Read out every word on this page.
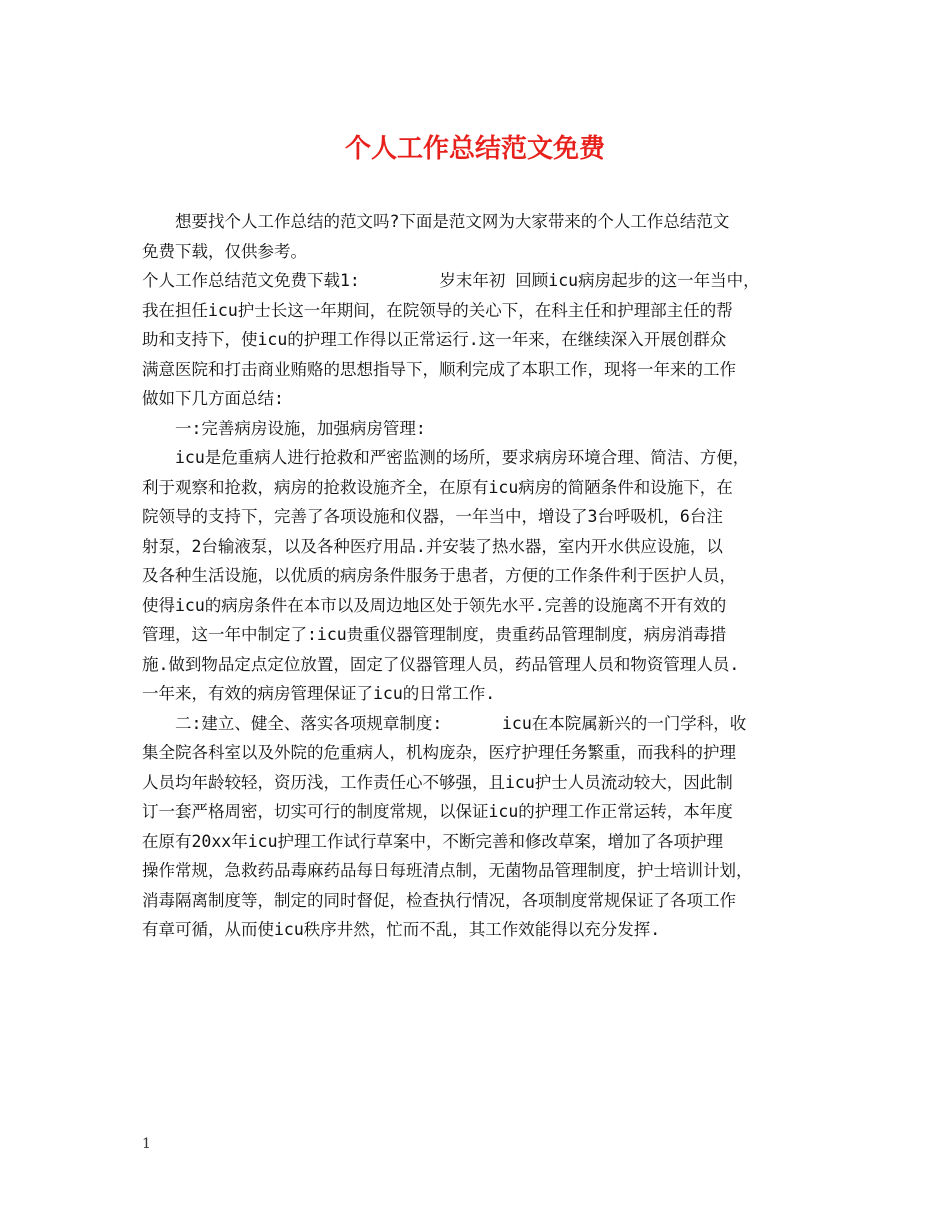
个人工作总结范文免费
想要找个人工作总结的范文吗?下面是范文网为大家带来的个人工作总结范文
免费下载，仅供参考。
个人工作总结范文免费下载1:        岁末年初 回顾icu病房起步的这一年当中，
我在担任icu护士长这一年期间，在院领导的关心下，在科主任和护理部主任的帮
助和支持下，使icu的护理工作得以正常运行.这一年来，在继续深入开展创群众
满意医院和打击商业贿赂的思想指导下，顺利完成了本职工作，现将一年来的工作
做如下几方面总结:
一:完善病房设施，加强病房管理:
icu是危重病人进行抢救和严密监测的场所，要求病房环境合理、简洁、方便，
利于观察和抢救，病房的抢救设施齐全，在原有icu病房的简陋条件和设施下，在
院领导的支持下，完善了各项设施和仪器，一年当中，增设了3台呼吸机，6台注
射泵，2台输液泵，以及各种医疗用品.并安装了热水器，室内开水供应设施，以
及各种生活设施，以优质的病房条件服务于患者，方便的工作条件利于医护人员，
使得icu的病房条件在本市以及周边地区处于领先水平.完善的设施离不开有效的
管理，这一年中制定了:icu贵重仪器管理制度，贵重药品管理制度，病房消毒措
施.做到物品定点定位放置，固定了仪器管理人员，药品管理人员和物资管理人员.
一年来，有效的病房管理保证了icu的日常工作.
二:建立、健全、落实各项规章制度:      icu在本院属新兴的一门学科，收
集全院各科室以及外院的危重病人，机构庞杂，医疗护理任务繁重，而我科的护理
人员均年龄较轻，资历浅，工作责任心不够强，且icu护士人员流动较大，因此制
订一套严格周密，切实可行的制度常规，以保证icu的护理工作正常运转，本年度
在原有20xx年icu护理工作试行草案中，不断完善和修改草案，增加了各项护理
操作常规，急救药品毒麻药品每日每班清点制，无菌物品管理制度，护士培训计划，
消毒隔离制度等，制定的同时督促，检查执行情况，各项制度常规保证了各项工作
有章可循，从而使icu秩序井然，忙而不乱，其工作效能得以充分发挥.
1
